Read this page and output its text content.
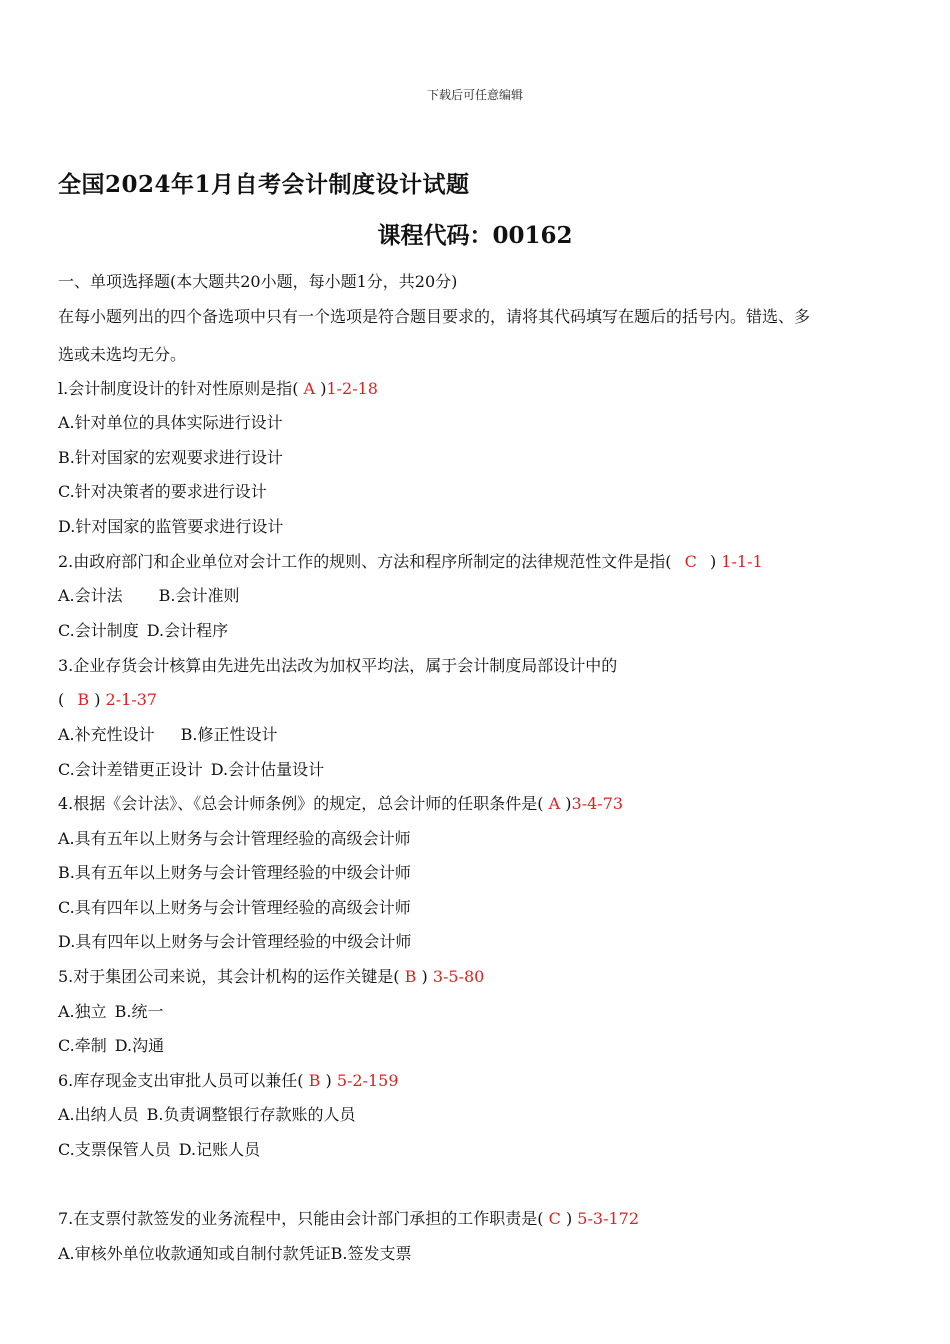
下载后可任意编辑
全国2024年1月自考会计制度设计试题
课程代码：00162
一、单项选择题(本大题共20小题，每小题1分，共20分)
在每小题列出的四个备选项中只有一个选项是符合题目要求的，请将其代码填写在题后的括号内。错选、多
选或未选均无分。
l.会计制度设计的针对性原则是指( A )1-2-18
A.针对单位的具体实际进行设计
B.针对国家的宏观要求进行设计
C.针对决策者的要求进行设计
D.针对国家的监管要求进行设计
2.由政府部门和企业单位对会计工作的规则、方法和程序所制定的法律规范性文件是指( C ) 1-1-1
A.会计法 B.会计准则
C.会计制度 D.会计程序
3.企业存货会计核算由先进先出法改为加权平均法，属于会计制度局部设计中的
( B ) 2-1-37
A.补充性设计 B.修正性设计
C.会计差错更正设计 D.会计估量设计
4.根据《会计法》、《总会计师条例》的规定，总会计师的任职条件是( A )3-4-73
A.具有五年以上财务与会计管理经验的高级会计师
B.具有五年以上财务与会计管理经验的中级会计师
C.具有四年以上财务与会计管理经验的高级会计师
D.具有四年以上财务与会计管理经验的中级会计师
5.对于集团公司来说，其会计机构的运作关键是( B ) 3-5-80
A.独立 B.统一
C.牵制 D.沟通
6.库存现金支出审批人员可以兼任( B ) 5-2-159
A.出纳人员 B.负责调整银行存款账的人员
C.支票保管人员 D.记账人员
7.在支票付款签发的业务流程中，只能由会计部门承担的工作职责是( C ) 5-3-172
A.审核外单位收款通知或自制付款凭证B.签发支票
